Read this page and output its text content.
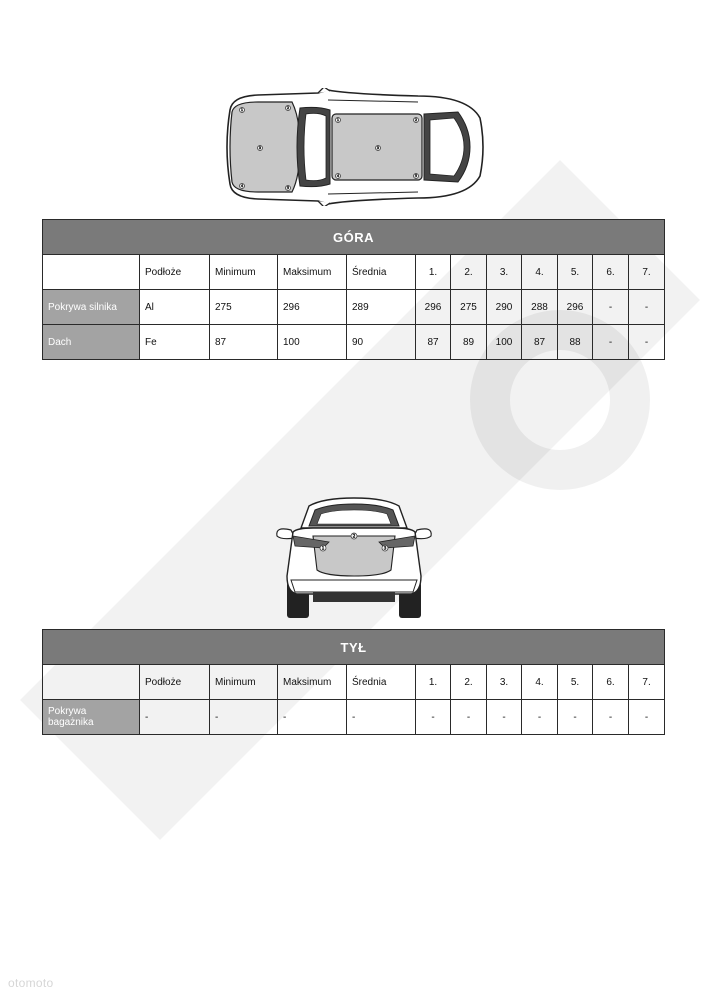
1	2
3
4	5
1	2
3
4	5
1
2
3
GÓRA											
	Podłoże	Minimum	Maksimum	Średnia	1.	2.	3.	4.	5.	6.	7.
Pokrywa silnika	Al	275	296	289	296	275	290	288	296	-	-
Dach	Fe	87	100	90	87	89	100	87	88	-	-
TYŁ											
	Podłoże	Minimum	Maksimum	Średnia	1.	2.	3.	4.	5.	6.	7.
Pokrywa bagażnika	-	-	-	-	-	-	-	-	-	-	-
otomoto
